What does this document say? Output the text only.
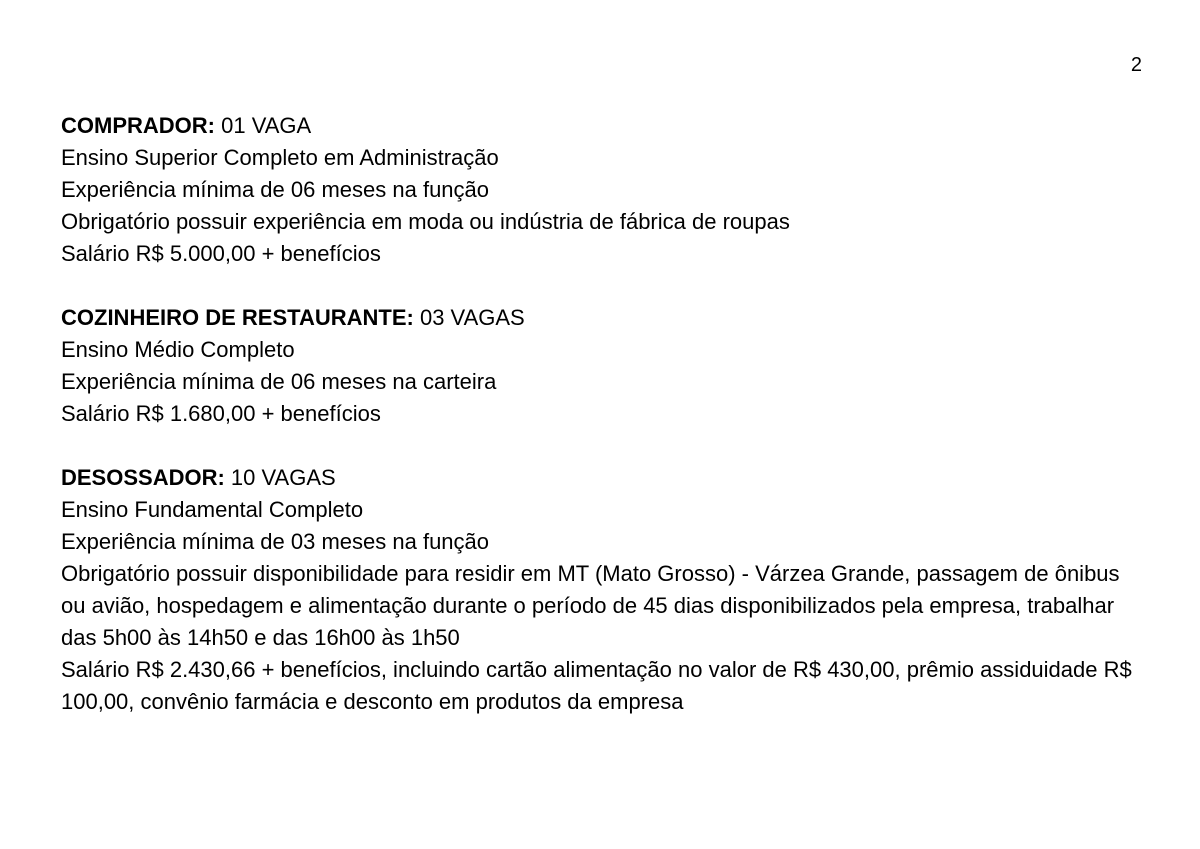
2

COMPRADOR: 01 VAGA

Ensino Superior Completo em Administração

Experiência mínima de 06 meses na função

Obrigatório possuir experiência em moda ou indústria de fábrica de roupas

Salário R$ 5.000,00 + benefícios

COZINHEIRO DE RESTAURANTE: 03 VAGAS

Ensino Médio Completo

Experiência mínima de 06 meses na carteira

Salário R$ 1.680,00 + benefícios

DESOSSADOR: 10 VAGAS

Ensino Fundamental Completo

Experiência mínima de 03 meses na função

Obrigatório possuir disponibilidade para residir em MT (Mato Grosso) - Várzea Grande, passagem de ônibus ou avião, hospedagem e alimentação durante o período de 45 dias disponibilizados pela empresa, trabalhar das 5h00 às 14h50 e das 16h00 às 1h50

Salário R$ 2.430,66 + benefícios, incluindo cartão alimentação no valor de R$ 430,00, prêmio assiduidade R$ 100,00, convênio farmácia e desconto em produtos da empresa
